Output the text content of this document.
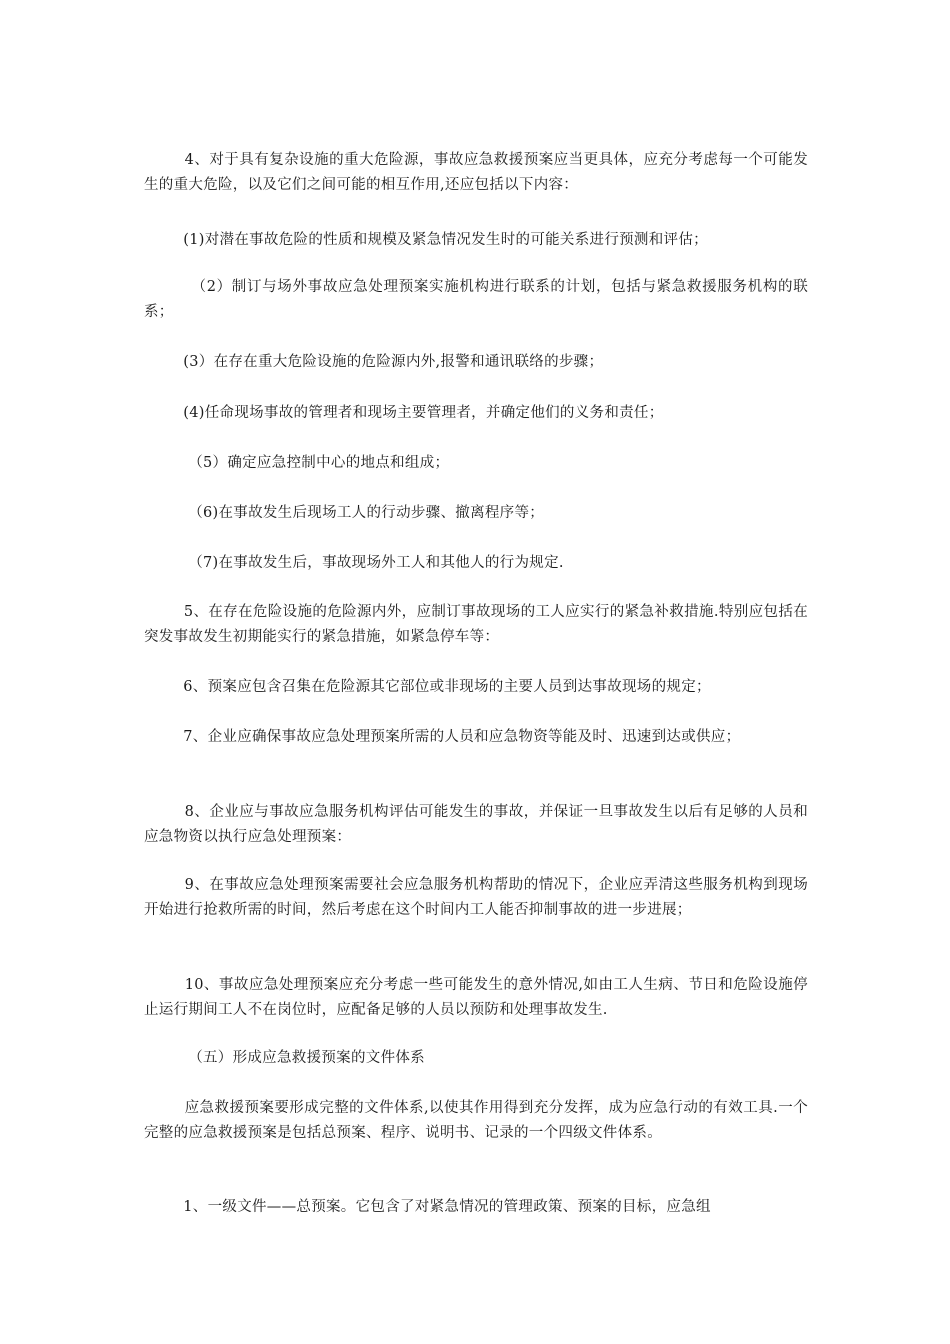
4、对于具有复杂设施的重大危险源，事故应急救援预案应当更具体，应充分考虑每一个可能发生的重大危险，以及它们之间可能的相互作用,还应包括以下内容：

(1)对潜在事故危险的性质和规模及紧急情况发生时的可能关系进行预测和评估；

（2）制订与场外事故应急处理预案实施机构进行联系的计划，包括与紧急救援服务机构的联系；

(3）在存在重大危险设施的危险源内外,报警和通讯联络的步骤；

(4)任命现场事故的管理者和现场主要管理者，并确定他们的义务和责任；

（5）确定应急控制中心的地点和组成；

（6)在事故发生后现场工人的行动步骤、撤离程序等；

（7)在事故发生后，事故现场外工人和其他人的行为规定.

5、在存在危险设施的危险源内外，应制订事故现场的工人应实行的紧急补救措施.特别应包括在突发事故发生初期能实行的紧急措施，如紧急停车等：

6、预案应包含召集在危险源其它部位或非现场的主要人员到达事故现场的规定；

7、企业应确保事故应急处理预案所需的人员和应急物资等能及时、迅速到达或供应；

8、企业应与事故应急服务机构评估可能发生的事故，并保证一旦事故发生以后有足够的人员和应急物资以执行应急处理预案：

9、在事故应急处理预案需要社会应急服务机构帮助的情况下，企业应弄清这些服务机构到现场开始进行抢救所需的时间，然后考虑在这个时间内工人能否抑制事故的进一步进展；

10、事故应急处理预案应充分考虑一些可能发生的意外情况,如由工人生病、节日和危险设施停止运行期间工人不在岗位时，应配备足够的人员以预防和处理事故发生.

（五）形成应急救援预案的文件体系

应急救援预案要形成完整的文件体系,以使其作用得到充分发挥，成为应急行动的有效工具.一个完整的应急救援预案是包括总预案、程序、说明书、记录的一个四级文件体系。

1、一级文件——总预案。它包含了对紧急情况的管理政策、预案的目标，应急组
